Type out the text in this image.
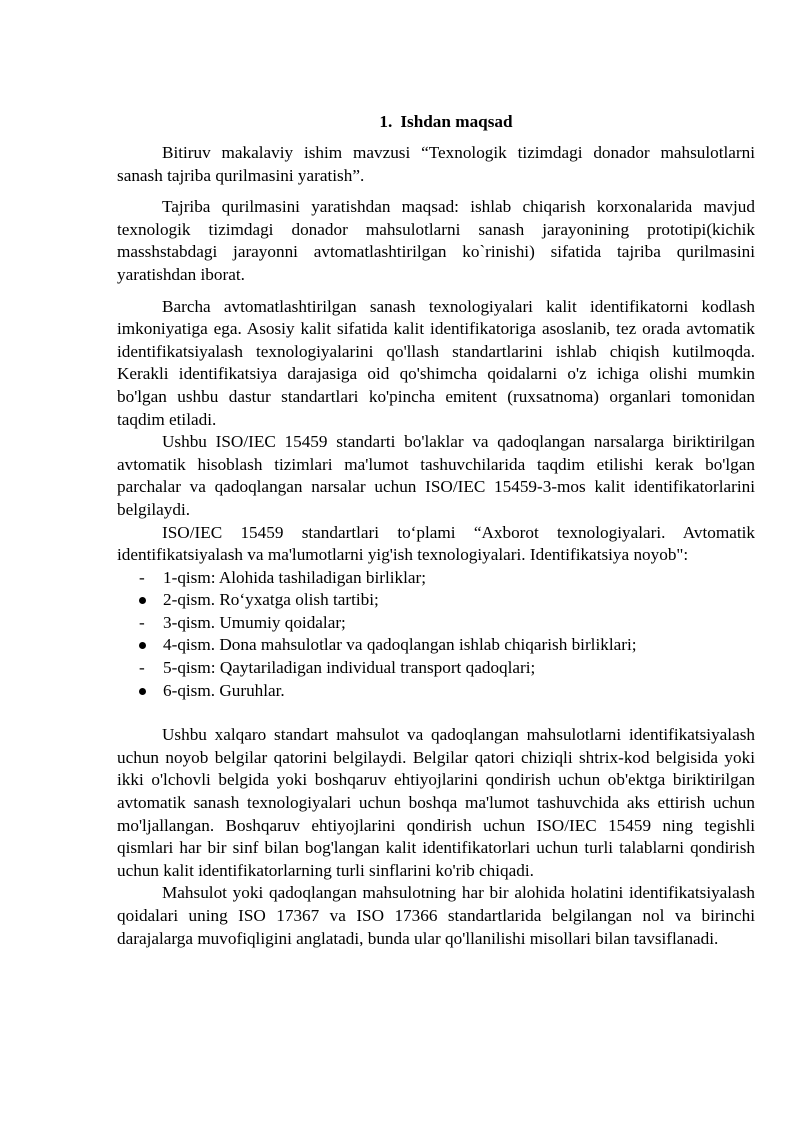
1. Ishdan maqsad

Bitiruv makalaviy ishim mavzusi “Texnologik tizimdagi donador mahsulotlarni sanash tajriba qurilmasini yaratish”.

Tajriba qurilmasini yaratishdan maqsad: ishlab chiqarish korxonalarida mavjud texnologik tizimdagi donador mahsulotlarni sanash jarayonining prototipi(kichik masshstabdagi jarayonni avtomatlashtirilgan ko`rinishi) sifatida tajriba qurilmasini yaratishdan iborat.

Barcha avtomatlashtirilgan sanash texnologiyalari kalit identifikatorni kodlash imkoniyatiga ega. Asosiy kalit sifatida kalit identifikatoriga asoslanib, tez orada avtomatik identifikatsiyalash texnologiyalarini qo'llash standartlarini ishlab chiqish kutilmoqda. Kerakli identifikatsiya darajasiga oid qo'shimcha qoidalarni o'z ichiga olishi mumkin bo'lgan ushbu dastur standartlari ko'pincha emitent (ruxsatnoma) organlari tomonidan taqdim etiladi.

Ushbu ISO/IEC 15459 standarti bo'laklar va qadoqlangan narsalarga biriktirilgan avtomatik hisoblash tizimlari ma'lumot tashuvchilarida taqdim etilishi kerak bo'lgan parchalar va qadoqlangan narsalar uchun ISO/IEC 15459-3-mos kalit identifikatorlarini belgilaydi.

ISO/IEC 15459 standartlari to‘plami “Axborot texnologiyalari. Avtomatik identifikatsiyalash va ma'lumotlarni yig'ish texnologiyalari. Identifikatsiya noyob":

-	1-qism: Alohida tashiladigan birliklar;
2-qism. Ro‘yxatga olish tartibi;
-	3-qism. Umumiy qoidalar;
4-qism. Dona mahsulotlar va qadoqlangan ishlab chiqarish birliklari;
-	5-qism: Qaytariladigan individual transport qadoqlari;
6-qism. Guruhlar.

Ushbu xalqaro standart mahsulot va qadoqlangan mahsulotlarni identifikatsiyalash uchun noyob belgilar qatorini belgilaydi. Belgilar qatori chiziqli shtrix-kod belgisida yoki ikki o'lchovli belgida yoki boshqaruv ehtiyojlarini qondirish uchun ob'ektga biriktirilgan avtomatik sanash texnologiyalari uchun boshqa ma'lumot tashuvchida aks ettirish uchun mo'ljallangan. Boshqaruv ehtiyojlarini qondirish uchun ISO/IEC 15459 ning tegishli qismlari har bir sinf bilan bog'langan kalit identifikatorlari uchun turli talablarni qondirish uchun kalit identifikatorlarning turli sinflarini ko'rib chiqadi.

Mahsulot yoki qadoqlangan mahsulotning har bir alohida holatini identifikatsiyalash qoidalari uning ISO 17367 va ISO 17366 standartlarida belgilangan nol va birinchi darajalarga muvofiqligini anglatadi, bunda ular qo'llanilishi misollari bilan tavsiflanadi.
